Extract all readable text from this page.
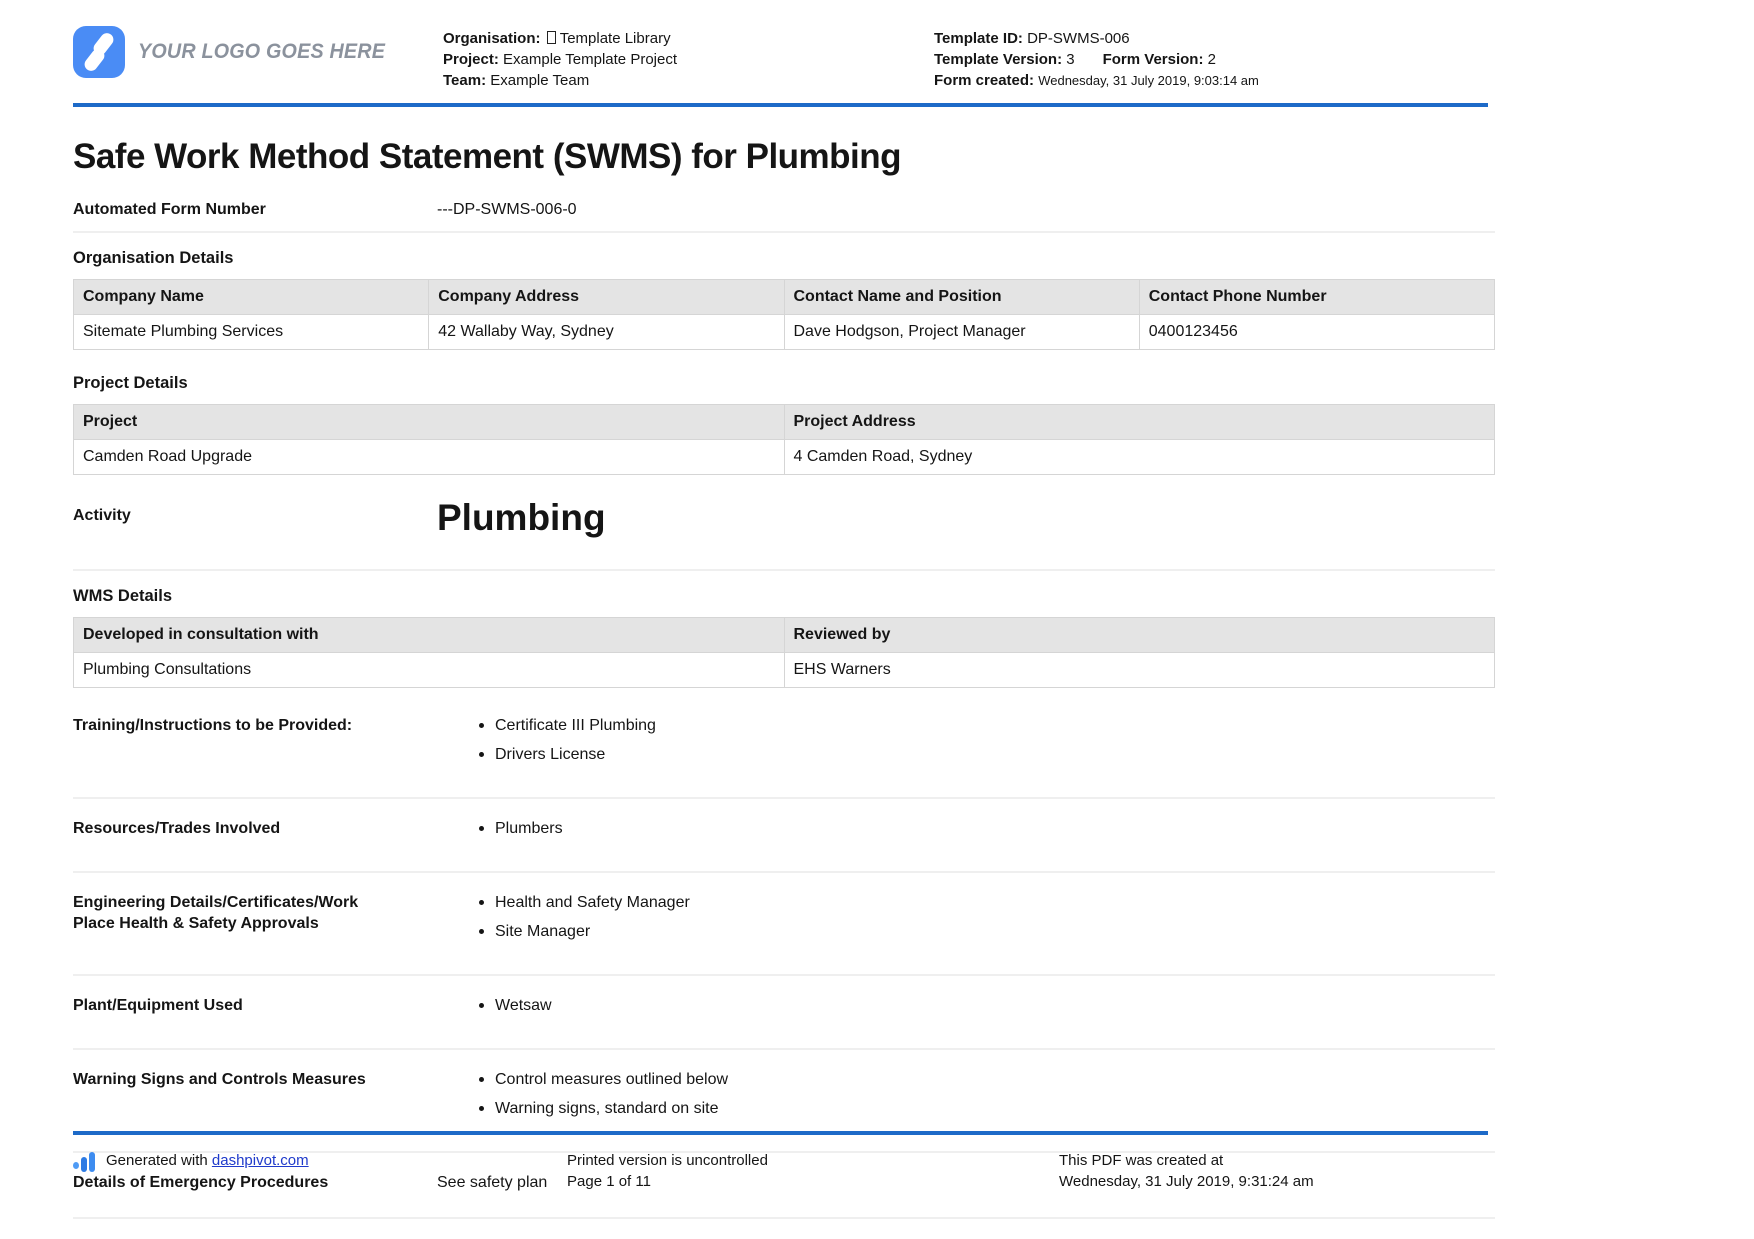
YOUR LOGO GOES HERE
Organisation: Template Library
Project: Example Template Project
Team: Example Team
Template ID: DP-SWMS-006
Template Version: 3 Form Version: 2
Form created: Wednesday, 31 July 2019, 9:03:14 am
Safe Work Method Statement (SWMS) for Plumbing
Automated Form Number	---DP-SWMS-006-0
Organisation Details
Company Name	Company Address	Contact Name and Position	Contact Phone Number
Sitemate Plumbing Services	42 Wallaby Way, Sydney	Dave Hodgson, Project Manager	0400123456
Project Details
Project	Project Address
Camden Road Upgrade	4 Camden Road, Sydney
Activity	Plumbing
WMS Details
Developed in consultation with	Reviewed by
Plumbing Consultations	EHS Warners
Training/Instructions to be Provided:	Certificate III Plumbing
Drivers License
Resources/Trades Involved	Plumbers
Engineering Details/Certificates/Work Place Health & Safety Approvals
Health and Safety Manager
Site Manager
Plant/Equipment Used	Wetsaw
Warning Signs and Controls Measures	Control measures outlined below
Warning signs, standard on site
Details of Emergency Procedures	See safety plan
Generated with dashpivot.com	Printed version is uncontrolled
Page 1 of 11
This PDF was created at
Wednesday, 31 July 2019, 9:31:24 am
